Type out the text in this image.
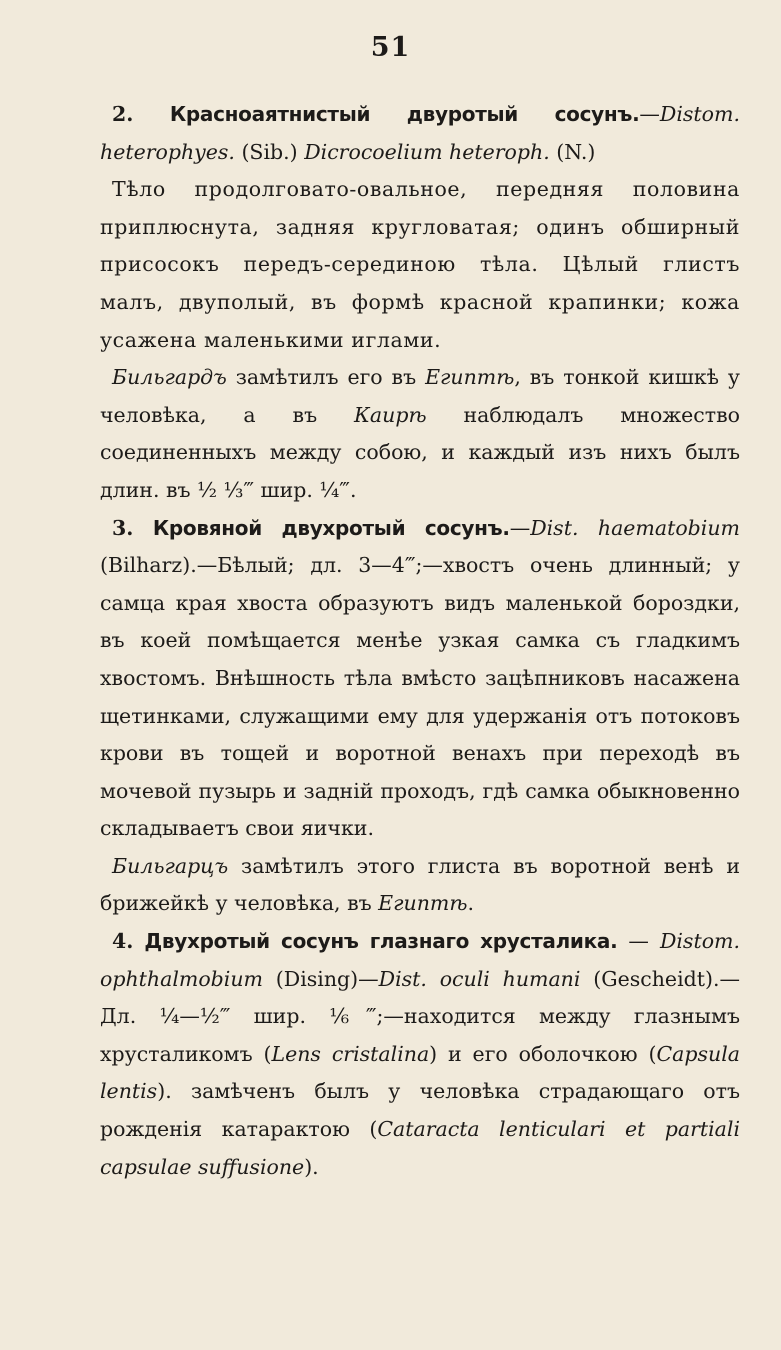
51

2. Красноаятнистый двуротый сосунъ.—Distom. heterophyes. (Sib.) Dicrocoelium heteroph. (N.)

Тѣло продолговато-овальное, передняя половина приплюснута, задняя кругловатая; одинъ обширный присосокъ передъ-серединою тѣла. Цѣлый глистъ малъ, двуполый, въ формѣ красной крапинки; кожа усажена маленькими иглами.

Бильгардъ замѣтилъ его въ Египтѣ, въ тонкой кишкѣ у человѣка, а въ Каирѣ наблюдалъ множество соединенныхъ между собою, и каждый изъ нихъ былъ длин. въ ½ ⅓‴ шир. ¼‴.

3. Кровяной двухротый сосунъ.—Dist. haematobium (Bilharz).—Бѣлый; дл. 3—4‴;—хвостъ очень длинный; у самца края хвоста образуютъ видъ маленькой бороздки, въ коей помѣщается менѣе узкая самка съ гладкимъ хвостомъ. Внѣшность тѣла вмѣсто зацѣпниковъ насажена щетинками, служащими ему для удержанія отъ потоковъ крови въ тощей и воротной венахъ при переходѣ въ мочевой пузырь и задній проходъ, гдѣ самка обыкновенно складываетъ свои яички.

Бильгарцъ замѣтилъ этого глиста въ воротной венѣ и брижейкѣ у человѣка, въ Египтѣ.

4. Двухротый сосунъ глазнаго хрусталика. — Distom. ophthalmobium (Dising)—Dist. oculi humani (Gescheidt).— Дл. ¼—½‴ шир. ⅙‴;—находится между глазнымъ хрусталикомъ (Lens cristalina) и его оболочкою (Capsula lentis). замѣченъ былъ у человѣка страдающаго отъ рожденія катарактою (Cataracta lenticulari et partiali capsulae suffusione).
